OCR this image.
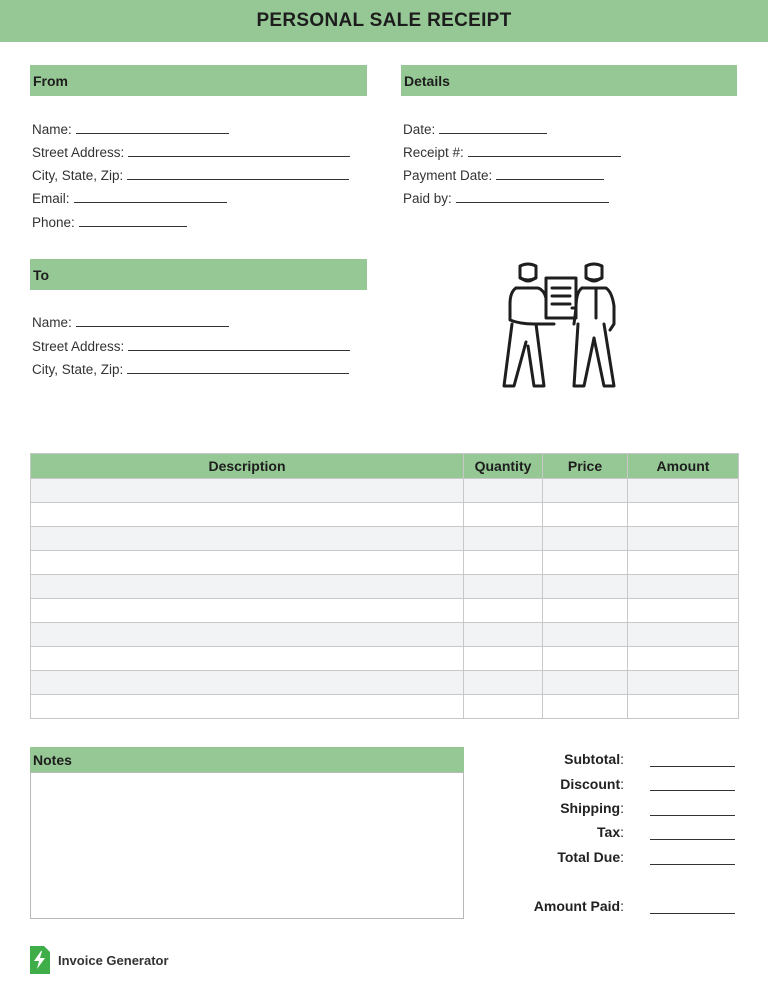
PERSONAL SALE RECEIPT
From
Name:
Street Address:
City, State, Zip:
Email:
Phone:
Details
Date:
Receipt #:
Payment Date:
Paid by:
To
Name:
Street Address:
City, State, Zip:
Description	Quantity	Price	Amount

Notes	Subtotal:
Discount:
Shipping:
Tax:
Total Due:
Amount Paid:
Invoice Generator
